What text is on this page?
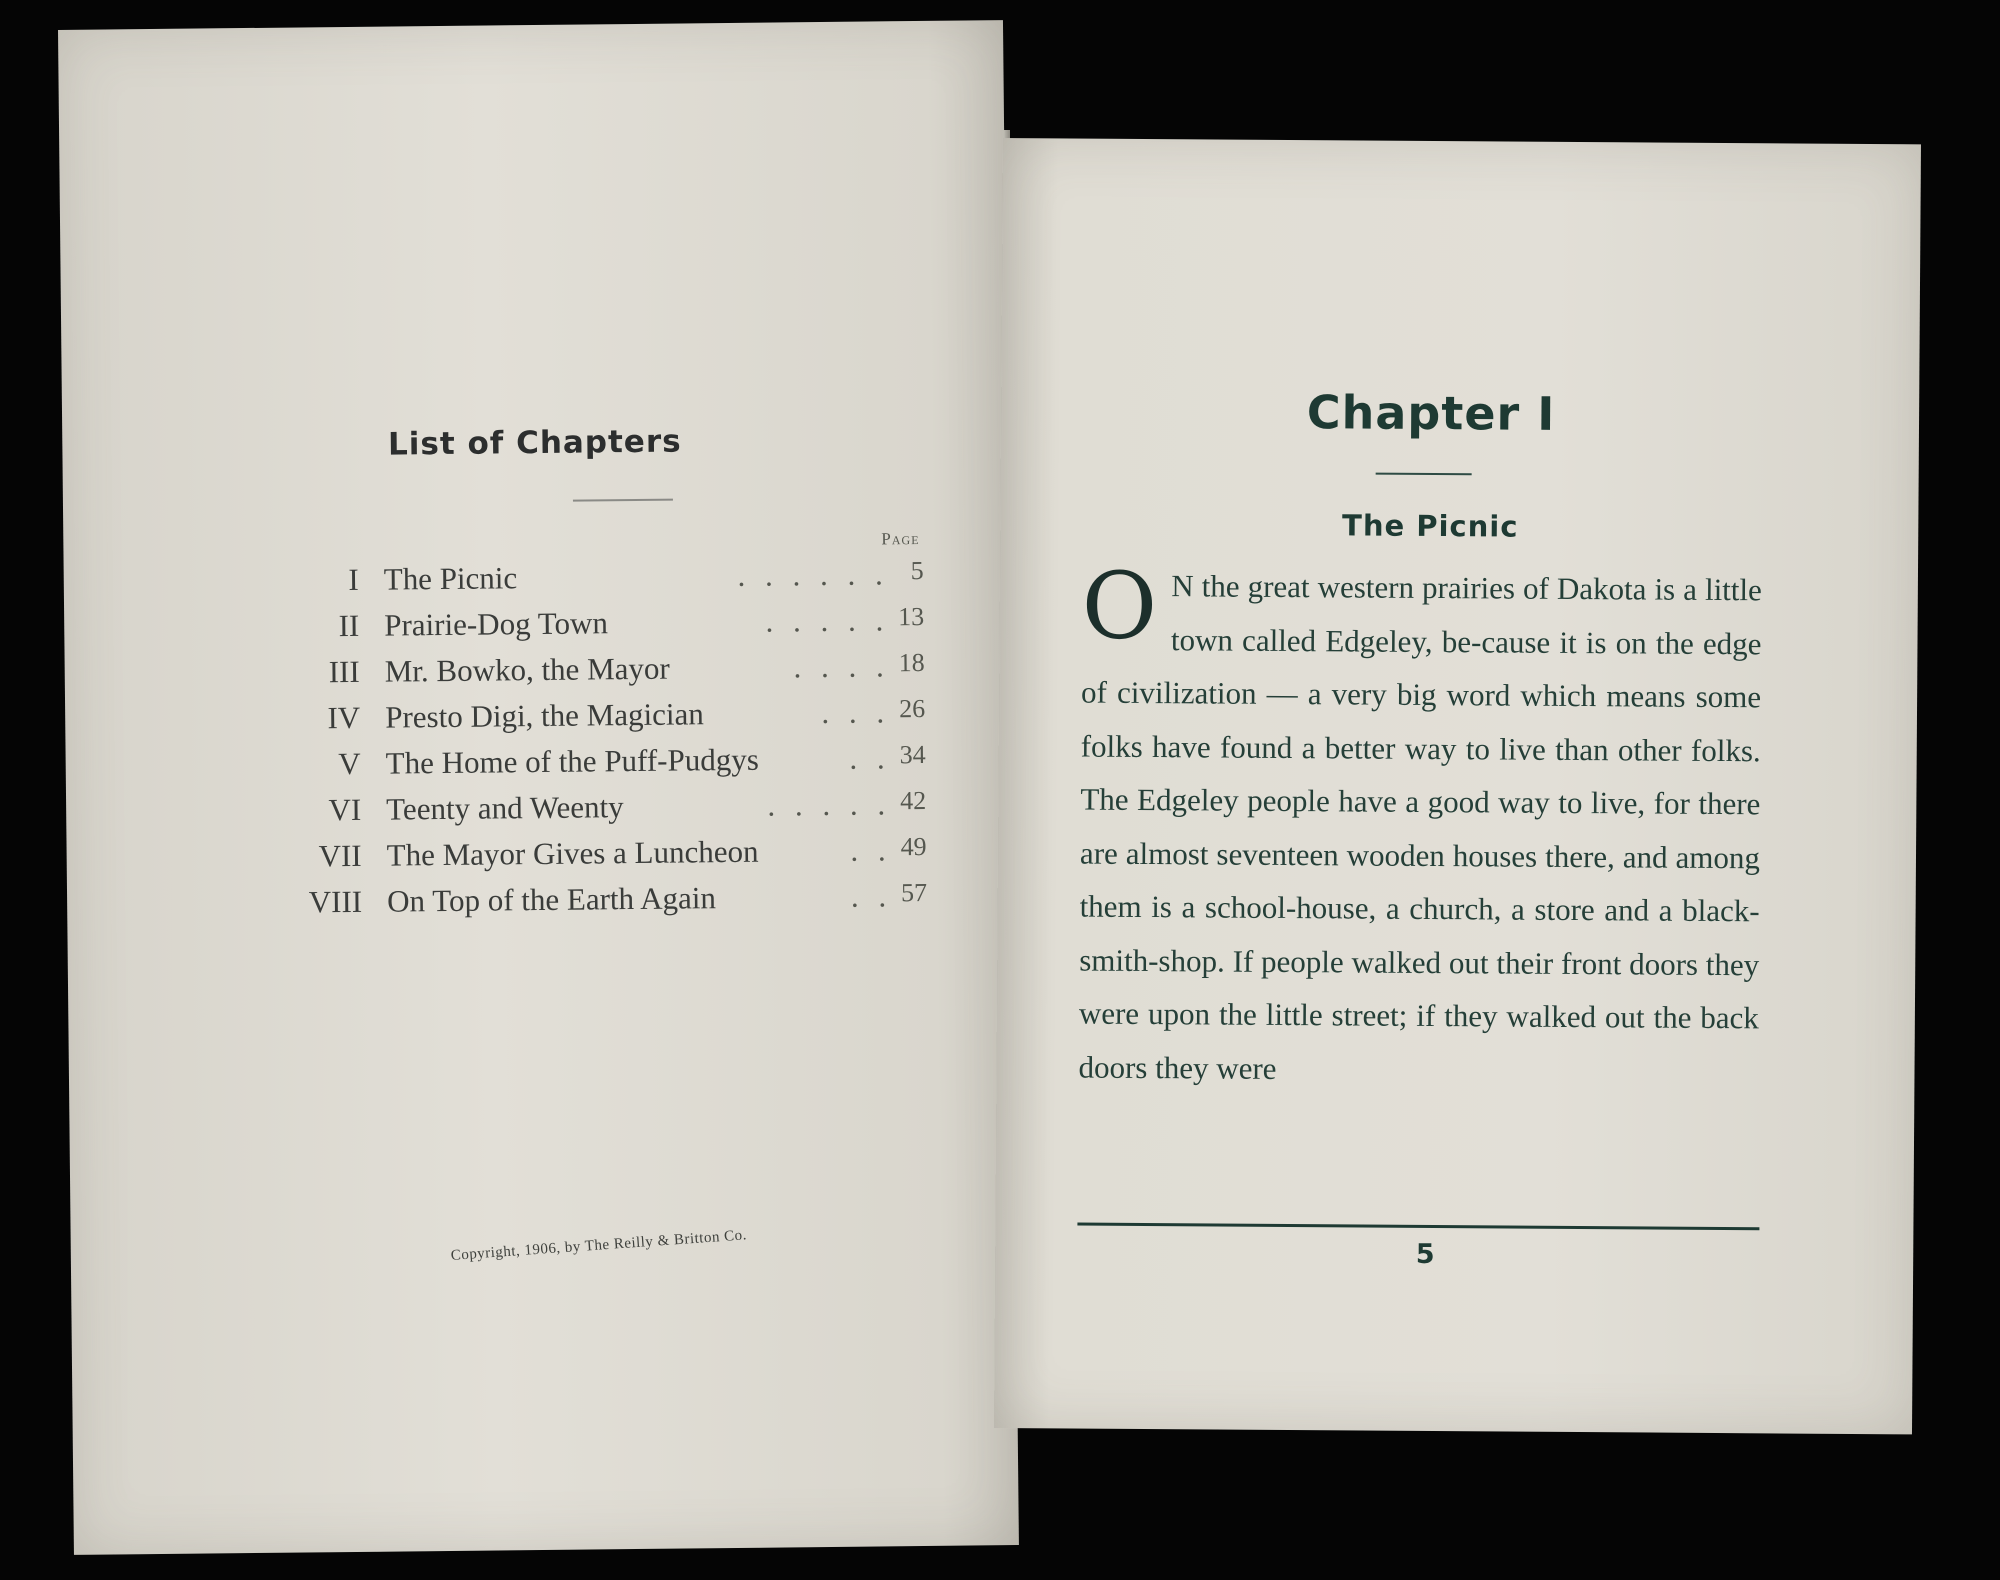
List of Chapters
Page
I The Picnic	. . . . . . 5
II Prairie-Dog Town	. . . . . 13
III Mr. Bowko, the Mayor	. . . . 18
IV Presto Digi, the Magician	. . . 26
V The Home of the Puff-Pudgys	. . 34
VI Teenty and Weenty	. . . . . 42
VII The Mayor Gives a Luncheon	. . 49
VIII On Top of the Earth Again	. . 57
Copyright, 1906, by The Reilly & Britton Co.
Chapter I
The Picnic
O N the great western prairies of Dakota is a little town called Edgeley, be-cause it is on the edge of civilization — a very big word which means some folks have found a better way to live than other folks. The Edgeley people have a good way to live, for there are almost seventeen wooden houses there, and among them is a school-house, a church, a store and a black-smith-shop. If people walked out their front doors they were upon the little street; if they walked out the back doors they were
5
